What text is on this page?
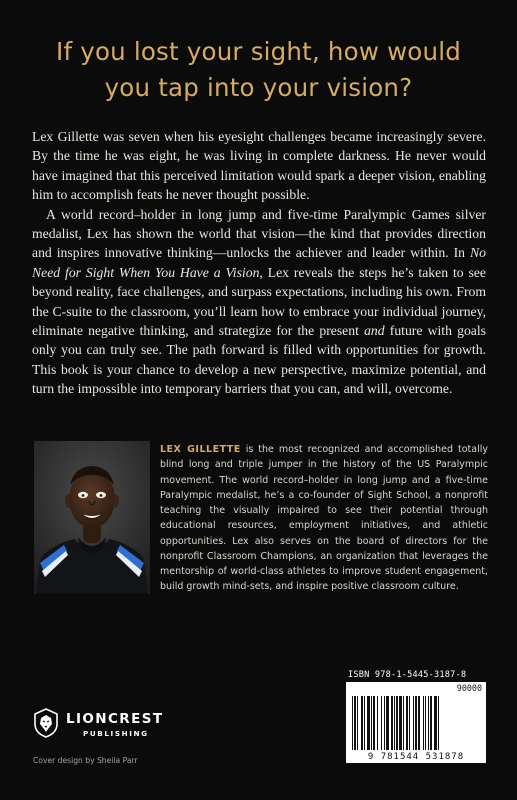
If you lost your sight, how would
you tap into your vision?

Lex Gillette was seven when his eyesight challenges became increasingly severe. By the time he was eight, he was living in complete darkness. He never would have imagined that this perceived limitation would spark a deeper vision, enabling him to accomplish feats he never thought possible.

A world record–holder in long jump and five-time Paralympic Games silver medalist, Lex has shown the world that vision—the kind that provides direction and inspires innovative thinking—unlocks the achiever and leader within. In No Need for Sight When You Have a Vision, Lex reveals the steps he’s taken to see beyond reality, face challenges, and surpass expectations, including his own. From the C-suite to the classroom, you’ll learn how to embrace your individual journey, eliminate negative thinking, and strategize for the present and future with goals only you can truly see. The path forward is filled with opportunities for growth. This book is your chance to develop a new perspective, maximize potential, and turn the impossible into temporary barriers that you can, and will, overcome.

LEX GILLETTE is the most recognized and accomplished totally blind long and triple jumper in the history of the US Paralympic movement. The world record–holder in long jump and a five-time Paralympic medalist, he’s a co-founder of Sight School, a nonprofit teaching the visually impaired to see their potential through educational resources, employment initiatives, and athletic opportunities. Lex also serves on the board of directors for the nonprofit Classroom Champions, an organization that leverages the mentorship of world-class athletes to improve student engagement, build growth mind-sets, and inspire positive classroom culture.
ISBN 978-1-5445-3187-8
90000
9 781544 531878
LIONCREST
PUBLISHING
Cover design by Sheila Parr
